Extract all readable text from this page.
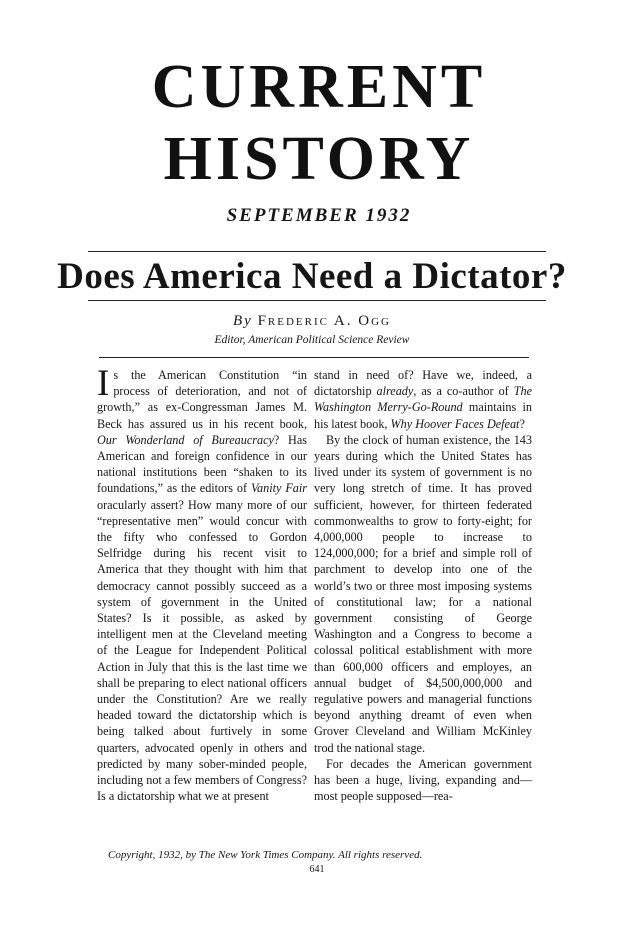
CURRENT
HISTORY
SEPTEMBER 1932
Does America Need a Dictator?
By Frederic A. Ogg
Editor, American Political Science Review

Is the American Constitution “in process of deterioration, and not of growth,” as ex-Congressman James M. Beck has assured us in his recent book, Our Wonderland of Bureaucracy? Has American and foreign confidence in our national institutions been “shaken to its foundations,” as the editors of Vanity Fair oracularly assert? How many more of our “representative men” would concur with the fifty who confessed to Gordon Selfridge during his recent visit to America that they thought with him that democracy cannot possibly succeed as a system of government in the United States? Is it possible, as asked by intelligent men at the Cleveland meeting of the League for Independent Political Action in July that this is the last time we shall be preparing to elect national officers under the Constitution? Are we really headed toward the dictatorship which is being talked about furtively in some quarters, advocated openly in others and predicted by many sober-minded people, including not a few members of Congress? Is a dictatorship what we at present

stand in need of? Have we, indeed, a dictatorship already, as a co-author of The Washington Merry-Go-Round maintains in his latest book, Why Hoover Faces Defeat?

By the clock of human existence, the 143 years during which the United States has lived under its system of government is no very long stretch of time. It has proved sufficient, however, for thirteen federated commonwealths to grow to forty-eight; for 4,000,000 people to increase to 124,000,000; for a brief and simple roll of parchment to develop into one of the world’s two or three most imposing systems of constitutional law; for a national government consisting of George Washington and a Congress to become a colossal political establishment with more than 600,000 officers and employes, an annual budget of $4,500,000,000 and regulative powers and managerial functions beyond anything dreamt of even when Grover Cleveland and William McKinley trod the national stage.

For decades the American government has been a huge, living, expanding and—most people supposed—rea-

Copyright, 1932, by The New York Times Company. All rights reserved.
641
